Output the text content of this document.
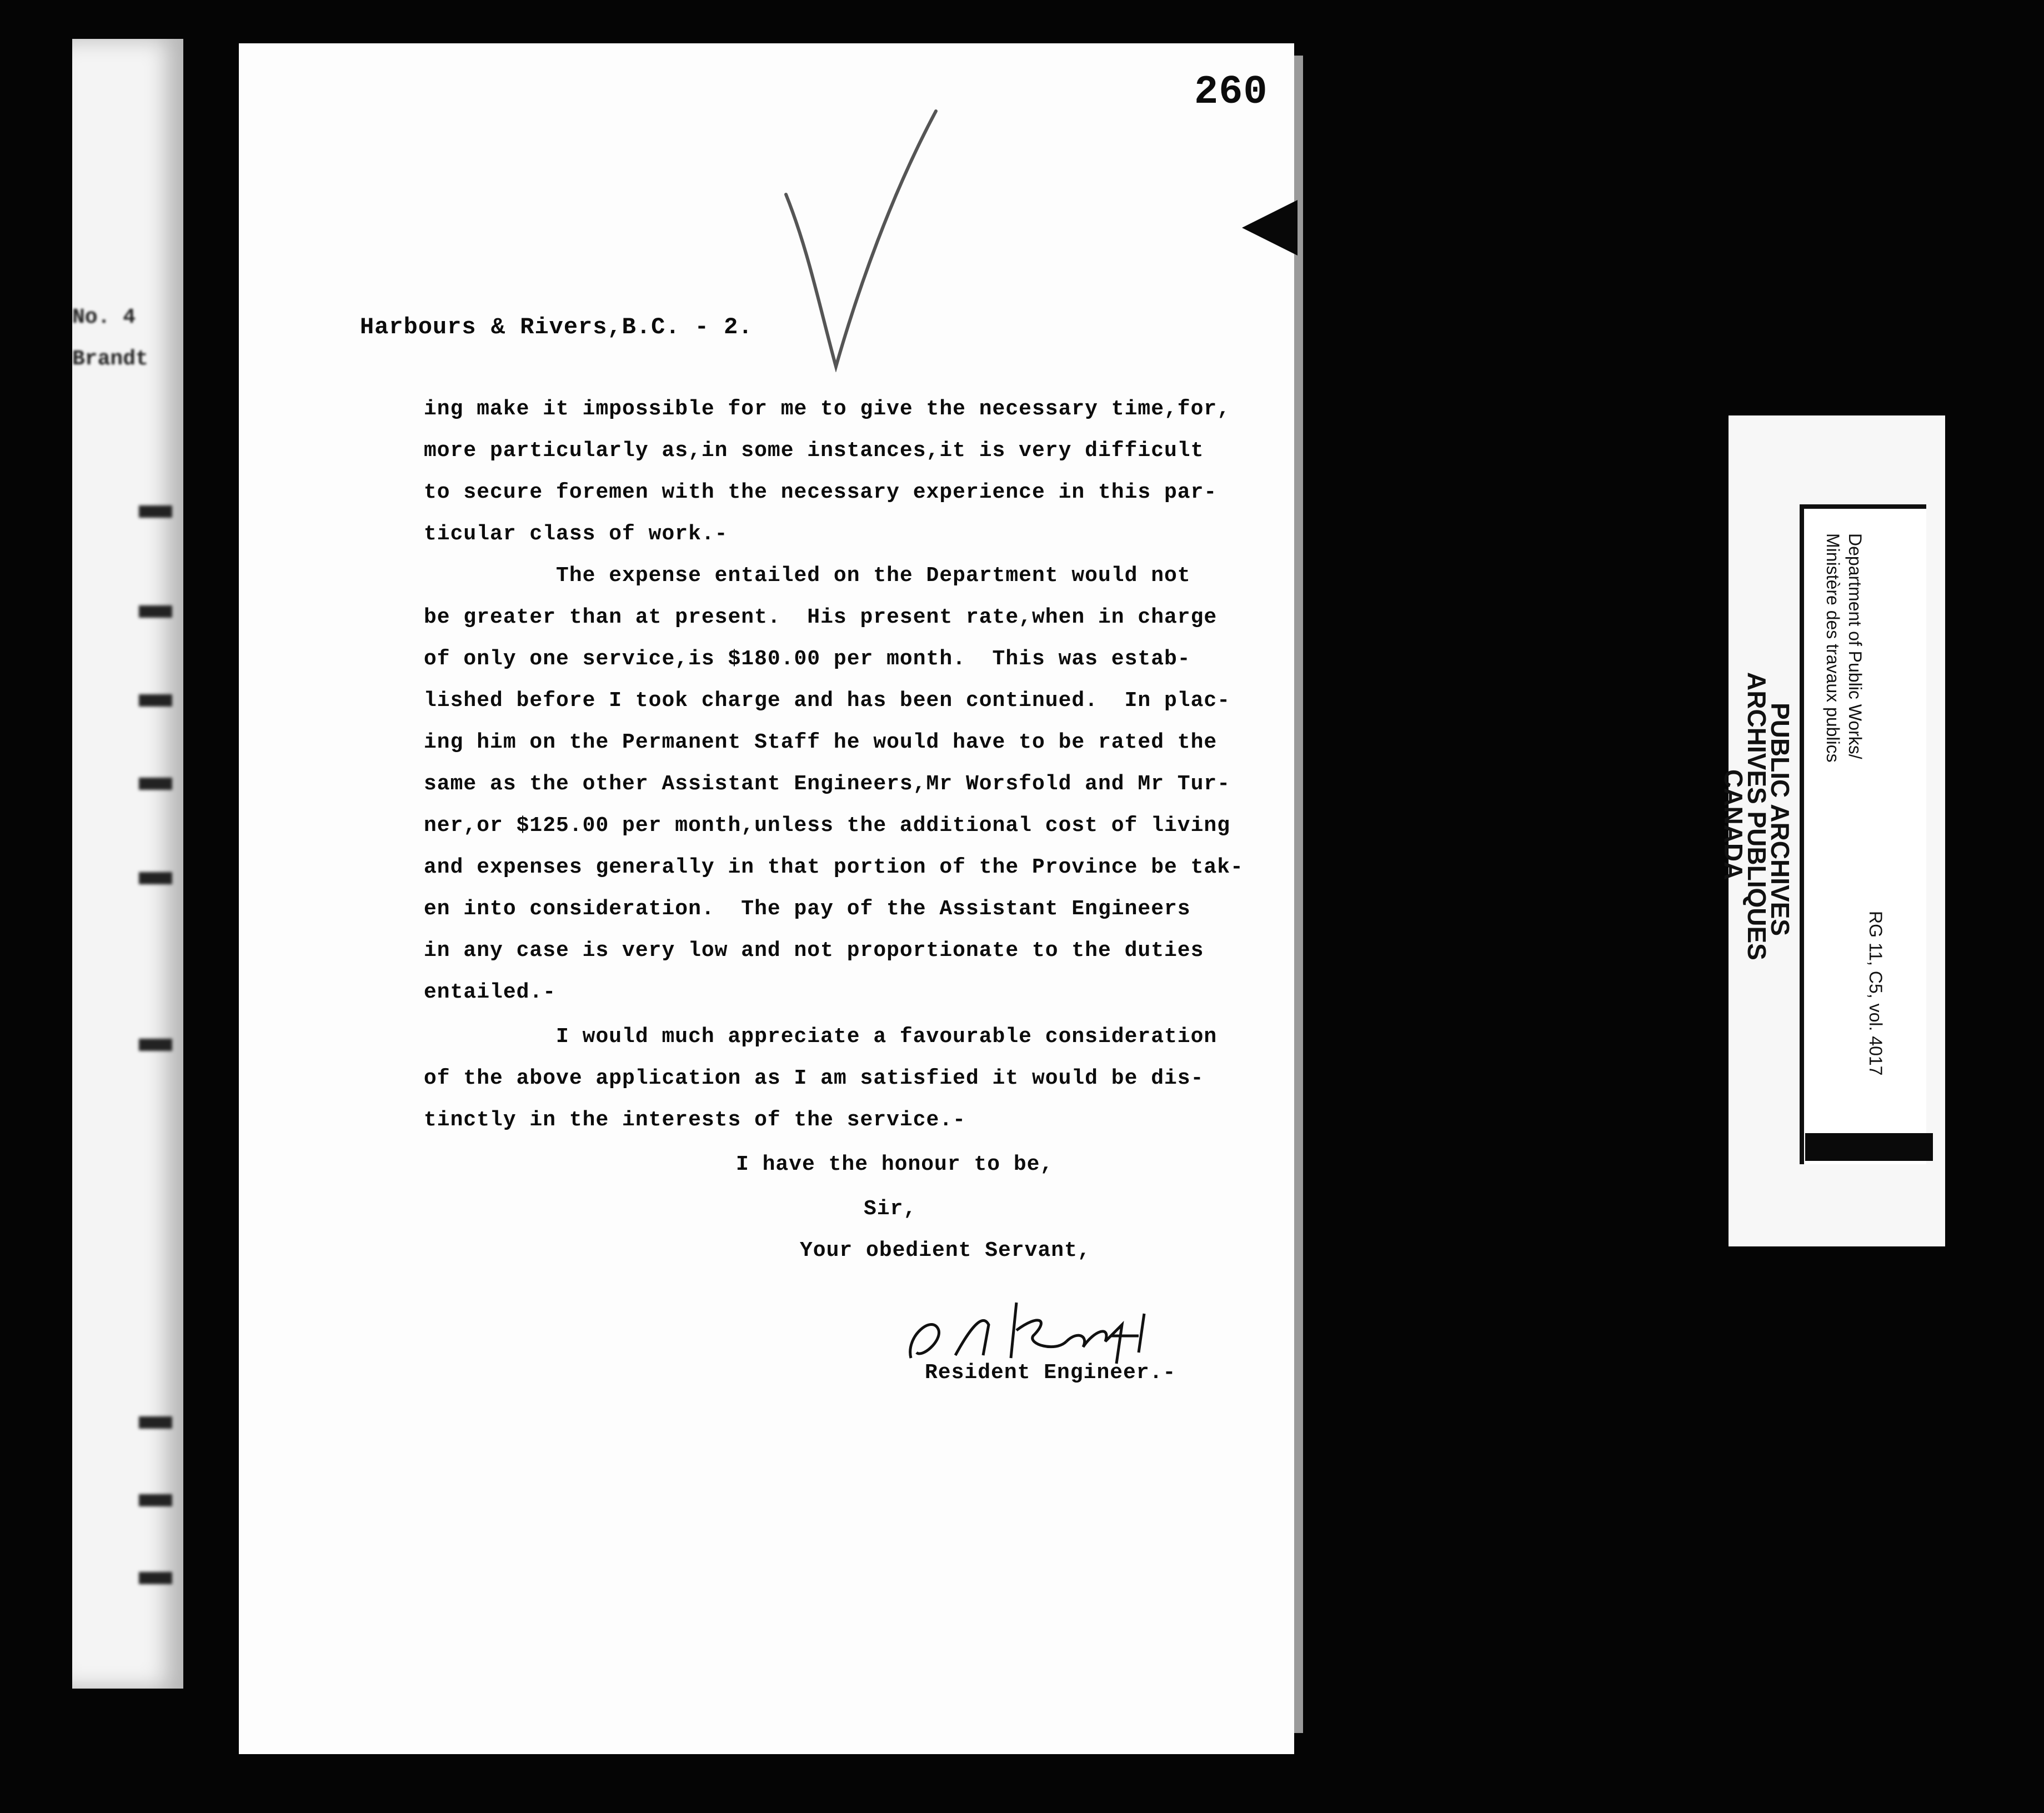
No. 4
Brandt
260
Harbours & Rivers,B.C. - 2.
ing make it impossible for me to give the necessary time,for,
more particularly as,in some instances,it is very difficult
to secure foremen with the necessary experience in this par-
ticular class of work.-
The expense entailed on the Department would not
be greater than at present.  His present rate,when in charge
of only one service,is $180.00 per month.  This was estab-
lished before I took charge and has been continued.  In plac-
ing him on the Permanent Staff he would have to be rated the
same as the other Assistant Engineers,Mr Worsfold and Mr Tur-
ner,or $125.00 per month,unless the additional cost of living
and expenses generally in that portion of the Province be tak-
en into consideration.  The pay of the Assistant Engineers
in any case is very low and not proportionate to the duties
entailed.-
I would much appreciate a favourable consideration
of the above application as I am satisfied it would be dis-
tinctly in the interests of the service.-
I have the honour to be,
Sir,
Your obedient Servant,
Resident Engineer.-
PUBLIC ARCHIVES
ARCHIVES PUBLIQUES
CANADA
Department of Public Works/
Ministère des travaux publics
RG 11, C5, vol. 4017
